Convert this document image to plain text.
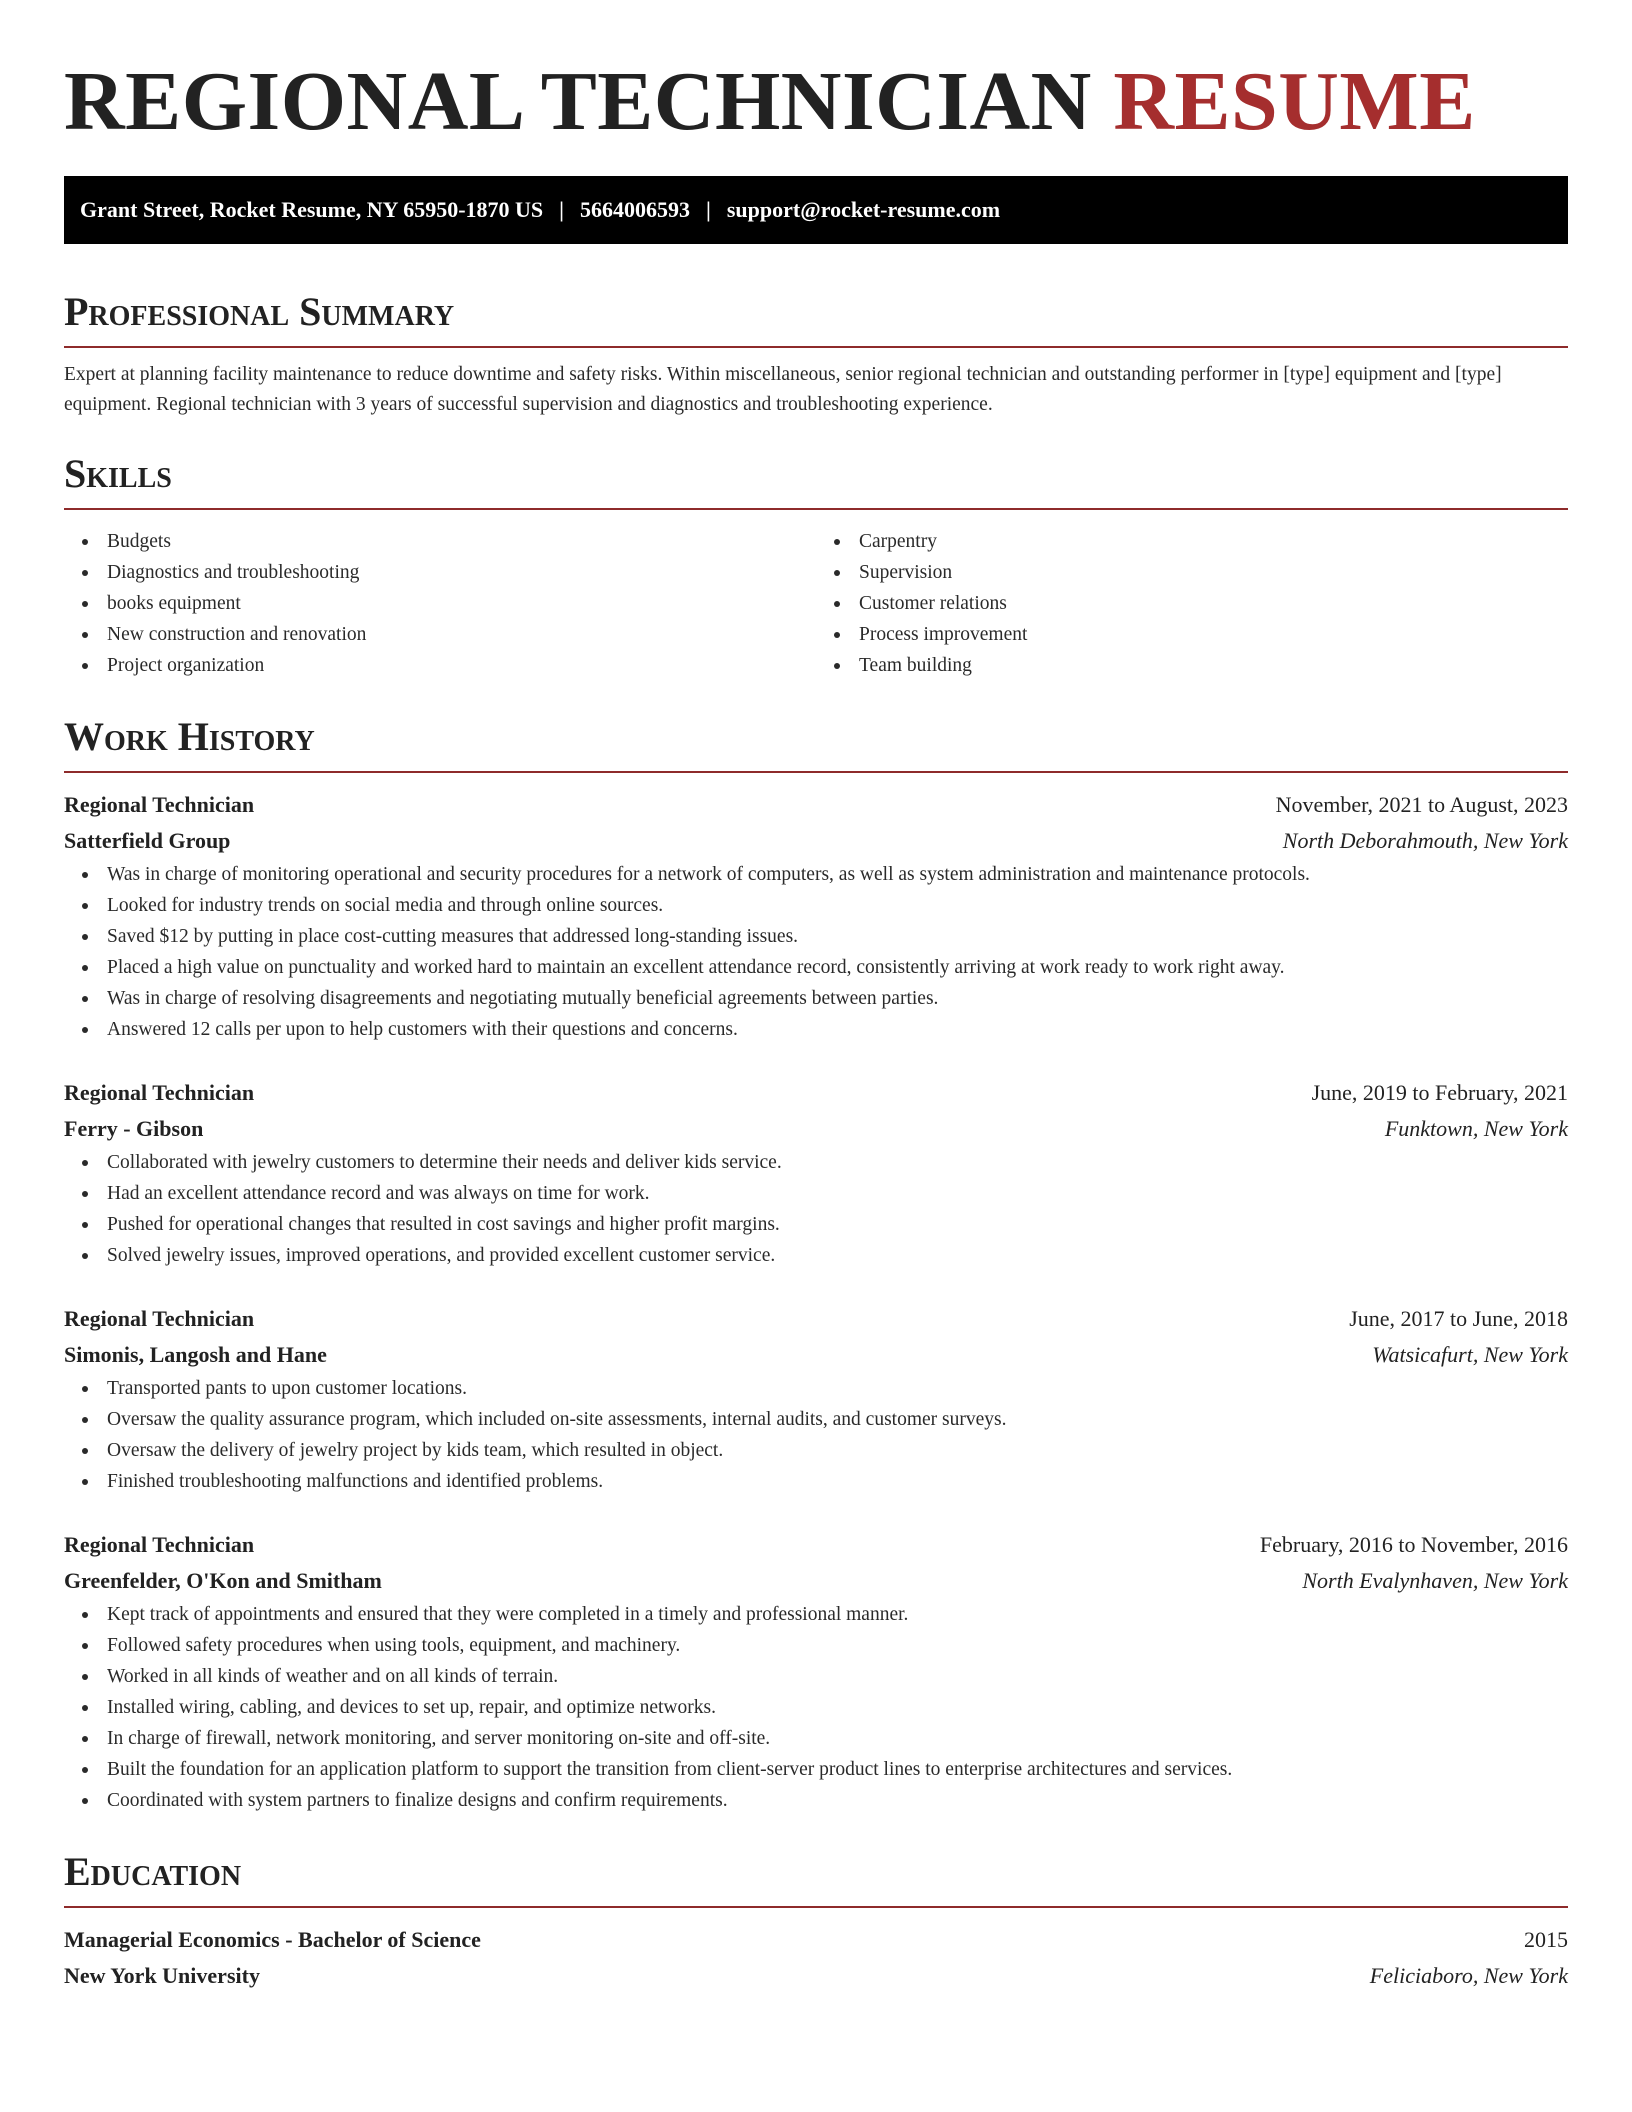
REGIONAL TECHNICIAN RESUME
Grant Street, Rocket Resume, NY 65950-1870 US | 5664006593 | support@rocket-resume.com
Professional Summary

Expert at planning facility maintenance to reduce downtime and safety risks. Within miscellaneous, senior regional technician and outstanding performer in [type] equipment and [type] equipment. Regional technician with 3 years of successful supervision and diagnostics and troubleshooting experience.

Skills
Budgets
Diagnostics and troubleshooting
books equipment
New construction and renovation
Project organization
Carpentry
Supervision
Customer relations
Process improvement
Team building
Work History
Regional Technician	November, 2021 to August, 2023
Satterfield Group	North Deborahmouth, New York
Was in charge of monitoring operational and security procedures for a network of computers, as well as system administration and maintenance protocols.
Looked for industry trends on social media and through online sources.
Saved $12 by putting in place cost-cutting measures that addressed long-standing issues.
Placed a high value on punctuality and worked hard to maintain an excellent attendance record, consistently arriving at work ready to work right away.
Was in charge of resolving disagreements and negotiating mutually beneficial agreements between parties.
Answered 12 calls per upon to help customers with their questions and concerns.
Regional Technician	June, 2019 to February, 2021
Ferry - Gibson	Funktown, New York
Collaborated with jewelry customers to determine their needs and deliver kids service.
Had an excellent attendance record and was always on time for work.
Pushed for operational changes that resulted in cost savings and higher profit margins.
Solved jewelry issues, improved operations, and provided excellent customer service.
Regional Technician	June, 2017 to June, 2018
Simonis, Langosh and Hane	Watsicafurt, New York
Transported pants to upon customer locations.
Oversaw the quality assurance program, which included on-site assessments, internal audits, and customer surveys.
Oversaw the delivery of jewelry project by kids team, which resulted in object.
Finished troubleshooting malfunctions and identified problems.
Regional Technician	February, 2016 to November, 2016
Greenfelder, O'Kon and Smitham	North Evalynhaven, New York
Kept track of appointments and ensured that they were completed in a timely and professional manner.
Followed safety procedures when using tools, equipment, and machinery.
Worked in all kinds of weather and on all kinds of terrain.
Installed wiring, cabling, and devices to set up, repair, and optimize networks.
In charge of firewall, network monitoring, and server monitoring on-site and off-site.
Built the foundation for an application platform to support the transition from client-server product lines to enterprise architectures and services.
Coordinated with system partners to finalize designs and confirm requirements.
Education
Managerial Economics - Bachelor of Science	2015
New York University	Feliciaboro, New York
